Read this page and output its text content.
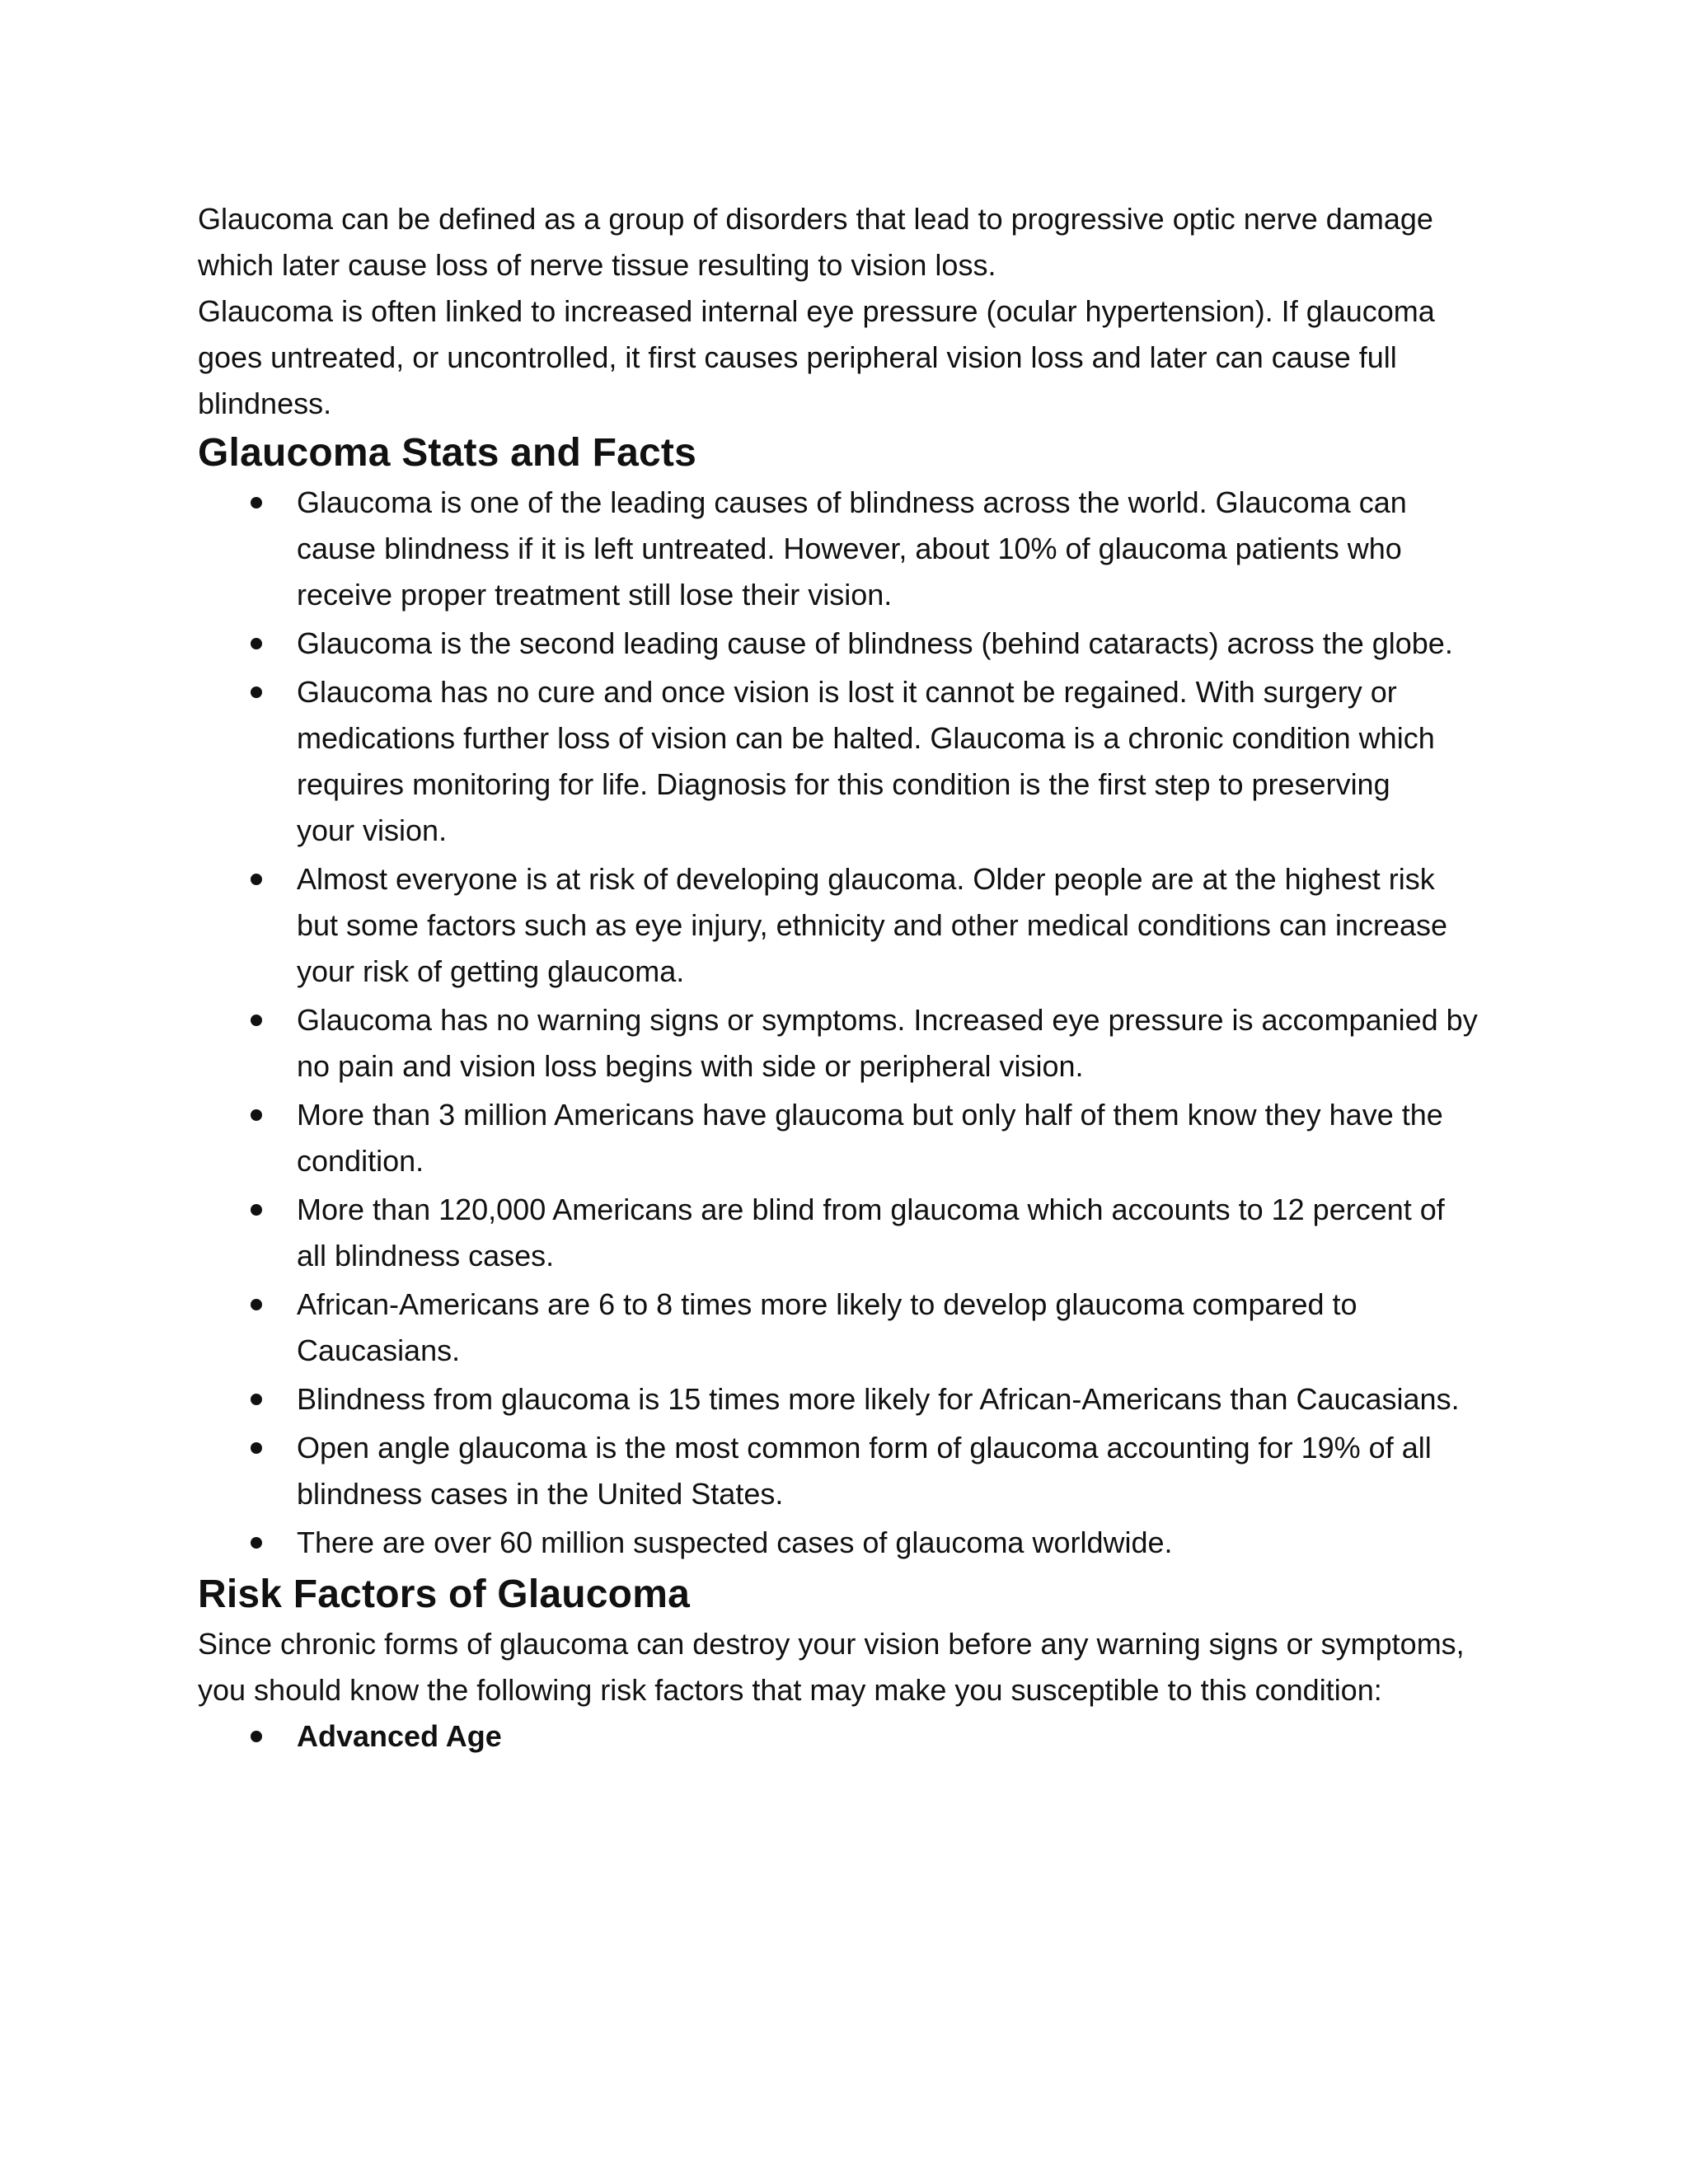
Glaucoma can be defined as a group of disorders that lead to progressive optic nerve damage
which later cause loss of nerve tissue resulting to vision loss.

Glaucoma is often linked to increased internal eye pressure (ocular hypertension). If glaucoma
goes untreated, or uncontrolled, it first causes peripheral vision loss and later can cause full
blindness.

Glaucoma Stats and Facts
Glaucoma is one of the leading causes of blindness across the world. Glaucoma can
cause blindness if it is left untreated. However, about 10% of glaucoma patients who
receive proper treatment still lose their vision.
Glaucoma is the second leading cause of blindness (behind cataracts) across the globe.
Glaucoma has no cure and once vision is lost it cannot be regained. With surgery or
medications further loss of vision can be halted. Glaucoma is a chronic condition which
requires monitoring for life. Diagnosis for this condition is the first step to preserving
your vision.
Almost everyone is at risk of developing glaucoma. Older people are at the highest risk
but some factors such as eye injury, ethnicity and other medical conditions can increase
your risk of getting glaucoma.
Glaucoma has no warning signs or symptoms. Increased eye pressure is accompanied by
no pain and vision loss begins with side or peripheral vision.
More than 3 million Americans have glaucoma but only half of them know they have the
condition.
More than 120,000 Americans are blind from glaucoma which accounts to 12 percent of
all blindness cases.
African-Americans are 6 to 8 times more likely to develop glaucoma compared to
Caucasians.
Blindness from glaucoma is 15 times more likely for African-Americans than Caucasians.
Open angle glaucoma is the most common form of glaucoma accounting for 19% of all
blindness cases in the United States.
There are over 60 million suspected cases of glaucoma worldwide.
Risk Factors of Glaucoma

Since chronic forms of glaucoma can destroy your vision before any warning signs or symptoms,
you should know the following risk factors that may make you susceptible to this condition:

Advanced Age
